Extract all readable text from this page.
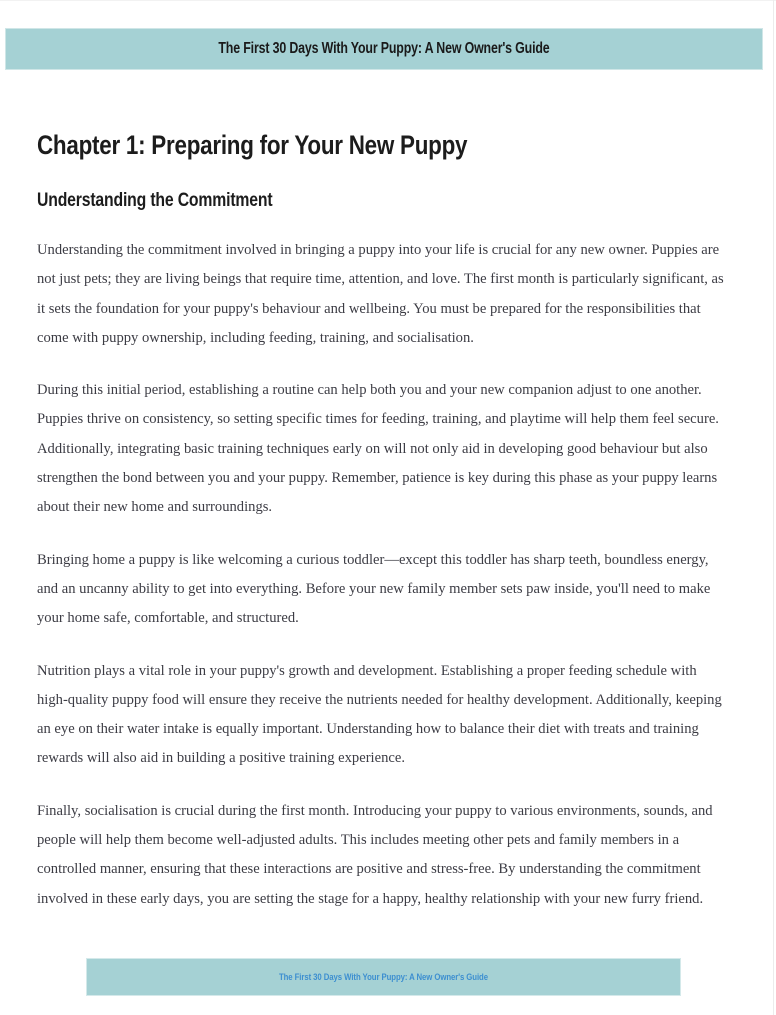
The First 30 Days With Your Puppy: A New Owner's Guide
Chapter 1: Preparing for Your New Puppy
Understanding the Commitment

Understanding the commitment involved in bringing a puppy into your life is crucial for any new owner. Puppies are not just pets; they are living beings that require time, attention, and love. The first month is particularly significant, as it sets the foundation for your puppy's behaviour and wellbeing. You must be prepared for the responsibilities that come with puppy ownership, including feeding, training, and socialisation.

During this initial period, establishing a routine can help both you and your new companion adjust to one another. Puppies thrive on consistency, so setting specific times for feeding, training, and playtime will help them feel secure. Additionally, integrating basic training techniques early on will not only aid in developing good behaviour but also strengthen the bond between you and your puppy. Remember, patience is key during this phase as your puppy learns about their new home and surroundings.

Bringing home a puppy is like welcoming a curious toddler—except this toddler has sharp teeth, boundless energy, and an uncanny ability to get into everything. Before your new family member sets paw inside, you'll need to make your home safe, comfortable, and structured.

Nutrition plays a vital role in your puppy's growth and development. Establishing a proper feeding schedule with high-quality puppy food will ensure they receive the nutrients needed for healthy development. Additionally, keeping an eye on their water intake is equally important. Understanding how to balance their diet with treats and training rewards will also aid in building a positive training experience.

Finally, socialisation is crucial during the first month. Introducing your puppy to various environments, sounds, and people will help them become well-adjusted adults. This includes meeting other pets and family members in a controlled manner, ensuring that these interactions are positive and stress-free. By understanding the commitment involved in these early days, you are setting the stage for a happy, healthy relationship with your new furry friend.

The First 30 Days With Your Puppy: A New Owner's Guide
